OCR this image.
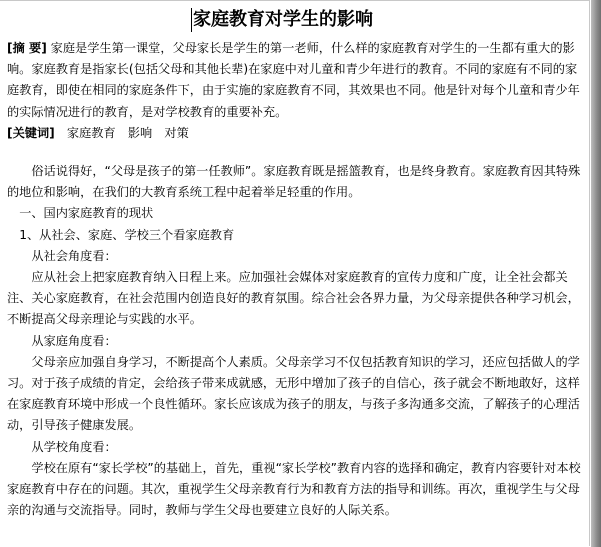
家庭教育对学生的影响

[摘 要] 家庭是学生第一课堂，父母家长是学生的第一老师，什么样的家庭教育对学生的一生都有重大的影响。家庭教育是指家长(包括父母和其他长辈)在家庭中对儿童和青少年进行的教育。不同的家庭有不同的家庭教育，即使在相同的家庭条件下，由于实施的家庭教育不同，其效果也不同。他是针对每个儿童和青少年的实际情况进行的教育，是对学校教育的重要补充。

[关键词] 家庭教育 影响 对策

俗话说得好，“父母是孩子的第一任教师”。家庭教育既是摇篮教育，也是终身教育。家庭教育因其特殊的地位和影响，在我们的大教育系统工程中起着举足轻重的作用。

一、国内家庭教育的现状

1、从社会、家庭、学校三个看家庭教育

从社会角度看：

应从社会上把家庭教育纳入日程上来。应加强社会媒体对家庭教育的宣传力度和广度，让全社会都关注、关心家庭教育，在社会范围内创造良好的教育氛围。综合社会各界力量，为父母亲提供各种学习机会，不断提高父母亲理论与实践的水平。

从家庭角度看：

父母亲应加强自身学习，不断提高个人素质。父母亲学习不仅包括教育知识的学习，还应包括做人的学习。对于孩子成绩的肯定，会给孩子带来成就感，无形中增加了孩子的自信心，孩子就会不断地敢好，这样在家庭教育环境中形成一个良性循环。家长应该成为孩子的朋友，与孩子多沟通多交流，了解孩子的心理活动，引导孩子健康发展。

从学校角度看：

学校在原有“家长学校”的基础上，首先，重视“家长学校”教育内容的选择和确定，教育内容要针对本校家庭教育中存在的问题。其次，重视学生父母亲教育行为和教育方法的指导和训练。再次，重视学生与父母亲的沟通与交流指导。同时，教师与学生父母也要建立良好的人际关系。
